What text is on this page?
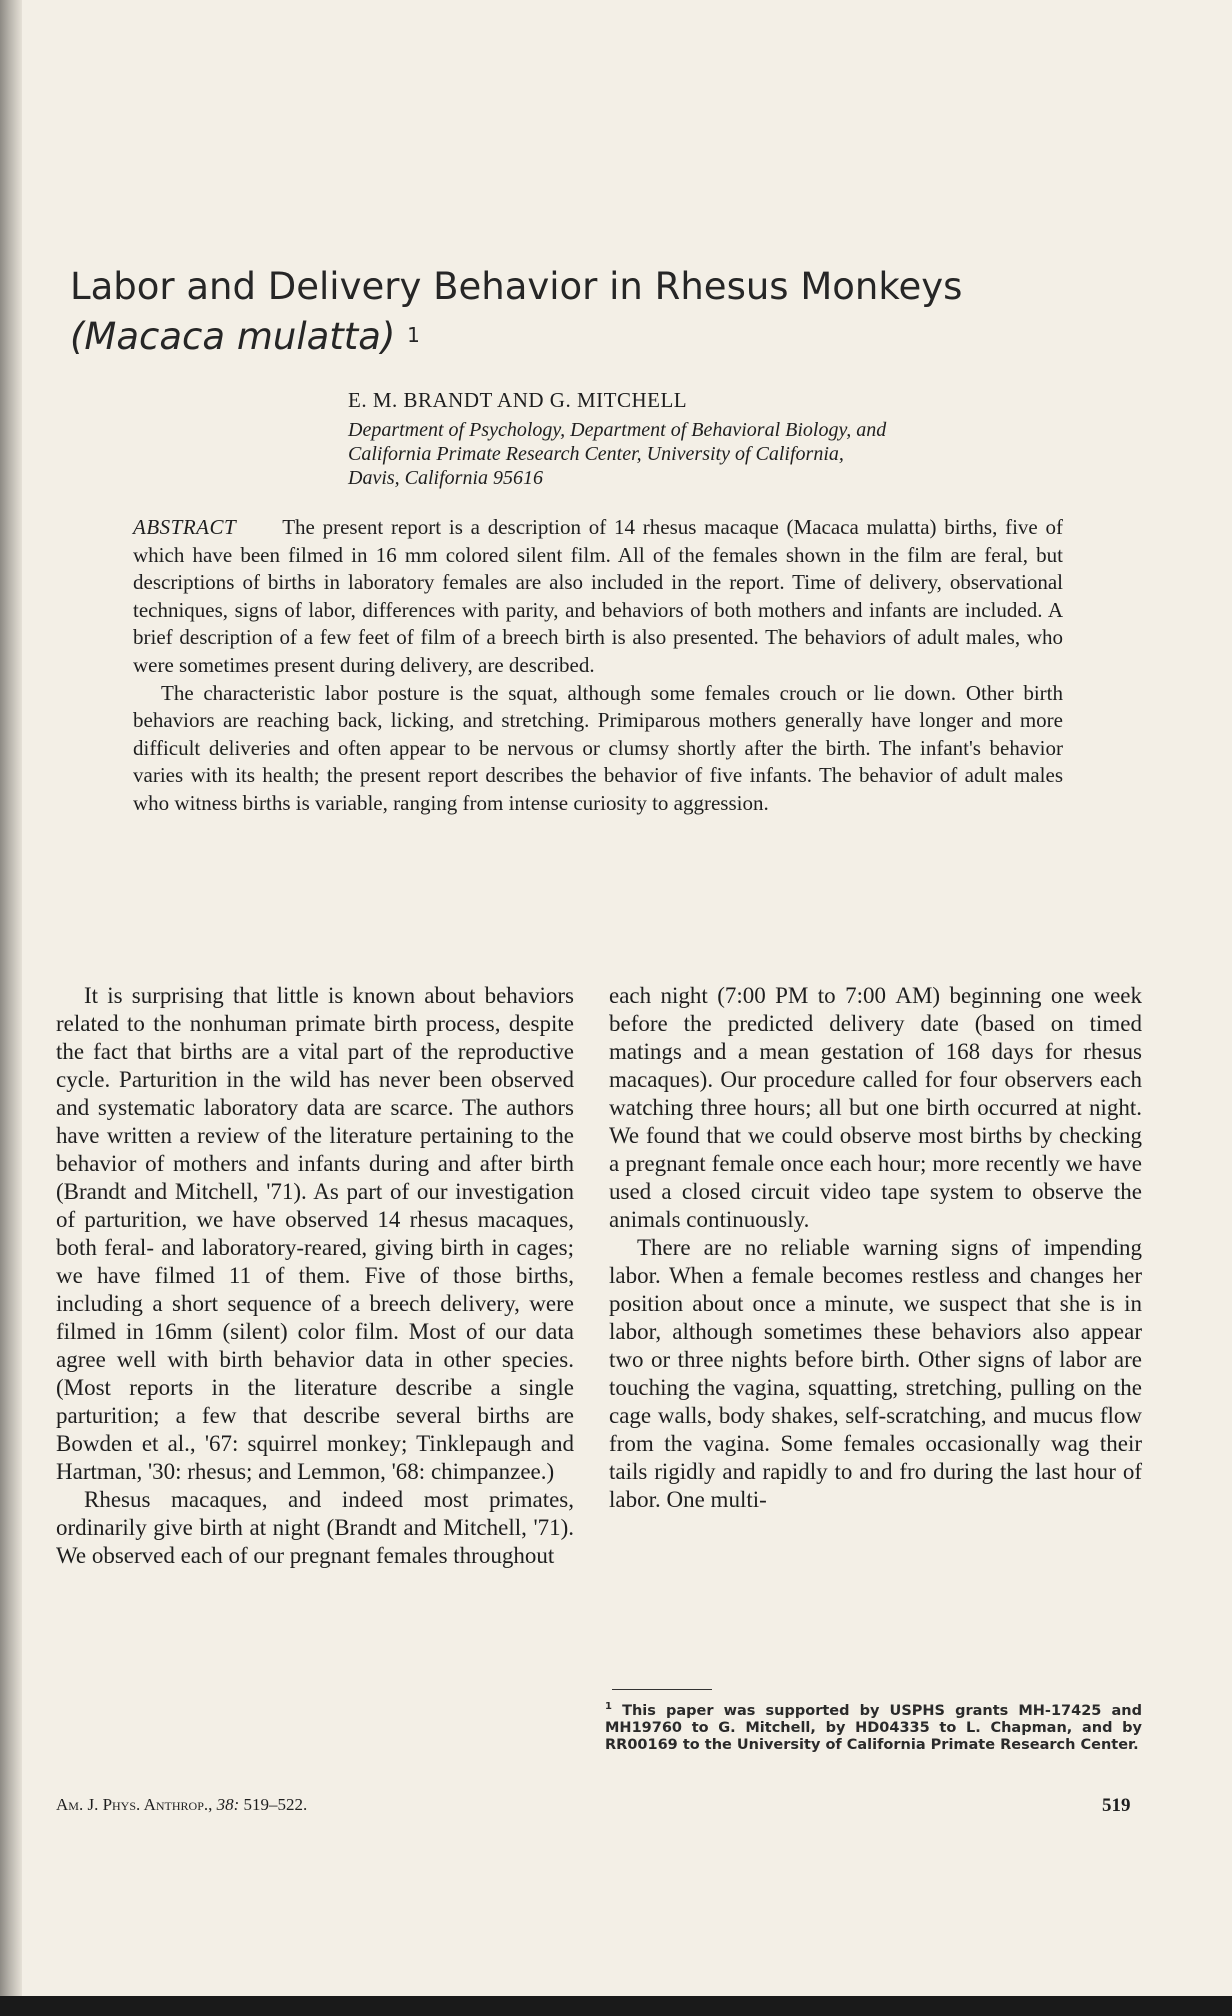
Labor and Delivery Behavior in Rhesus Monkeys
(Macaca mulatta) $^1$
E. M. BRANDT AND G. MITCHELL
Department of Psychology, Department of Behavioral Biology, and
California Primate Research Center, University of California,
Davis, California 95616

ABSTRACT The present report is a description of 14 rhesus macaque (Macaca mulatta) births, five of which have been filmed in 16 mm colored silent film. All of the females shown in the film are feral, but descriptions of births in laboratory females are also included in the report. Time of delivery, observational techniques, signs of labor, differences with parity, and behaviors of both mothers and infants are included. A brief description of a few feet of film of a breech birth is also presented. The behaviors of adult males, who were sometimes present during delivery, are described.

The characteristic labor posture is the squat, although some females crouch or lie down. Other birth behaviors are reaching back, licking, and stretching. Primiparous mothers generally have longer and more difficult deliveries and often appear to be nervous or clumsy shortly after the birth. The infant's behavior varies with its health; the present report describes the behavior of five infants. The behavior of adult males who witness births is variable, ranging from intense curiosity to aggression.

It is surprising that little is known about behaviors related to the nonhuman primate birth process, despite the fact that births are a vital part of the reproductive cycle. Parturition in the wild has never been observed and systematic laboratory data are scarce. The authors have written a review of the literature pertaining to the behavior of mothers and infants during and after birth (Brandt and Mitchell, '71). As part of our investigation of parturition, we have observed 14 rhesus macaques, both feral- and laboratory-reared, giving birth in cages; we have filmed 11 of them. Five of those births, including a short sequence of a breech delivery, were filmed in 16mm (silent) color film. Most of our data agree well with birth behavior data in other species. (Most reports in the literature describe a single parturition; a few that describe several births are Bowden et al., '67: squirrel monkey; Tinklepaugh and Hartman, '30: rhesus; and Lemmon, '68: chimpanzee.)

Rhesus macaques, and indeed most primates, ordinarily give birth at night (Brandt and Mitchell, '71). We observed each of our pregnant females throughout

each night (7:00 PM to 7:00 AM) beginning one week before the predicted delivery date (based on timed matings and a mean gestation of 168 days for rhesus macaques). Our procedure called for four observers each watching three hours; all but one birth occurred at night. We found that we could observe most births by checking a pregnant female once each hour; more recently we have used a closed circuit video tape system to observe the animals continuously.

There are no reliable warning signs of impending labor. When a female becomes restless and changes her position about once a minute, we suspect that she is in labor, although sometimes these behaviors also appear two or three nights before birth. Other signs of labor are touching the vagina, squatting, stretching, pulling on the cage walls, body shakes, self-scratching, and mucus flow from the vagina. Some females occasionally wag their tails rigidly and rapidly to and fro during the last hour of labor. One multi-

$^1$ This paper was supported by USPHS grants MH-17425 and MH19760 to G. Mitchell, by HD04335 to L. Chapman, and by RR00169 to the University of California Primate Research Center.
Am. J. Phys. Anthrop., 38: 519–522.	519
